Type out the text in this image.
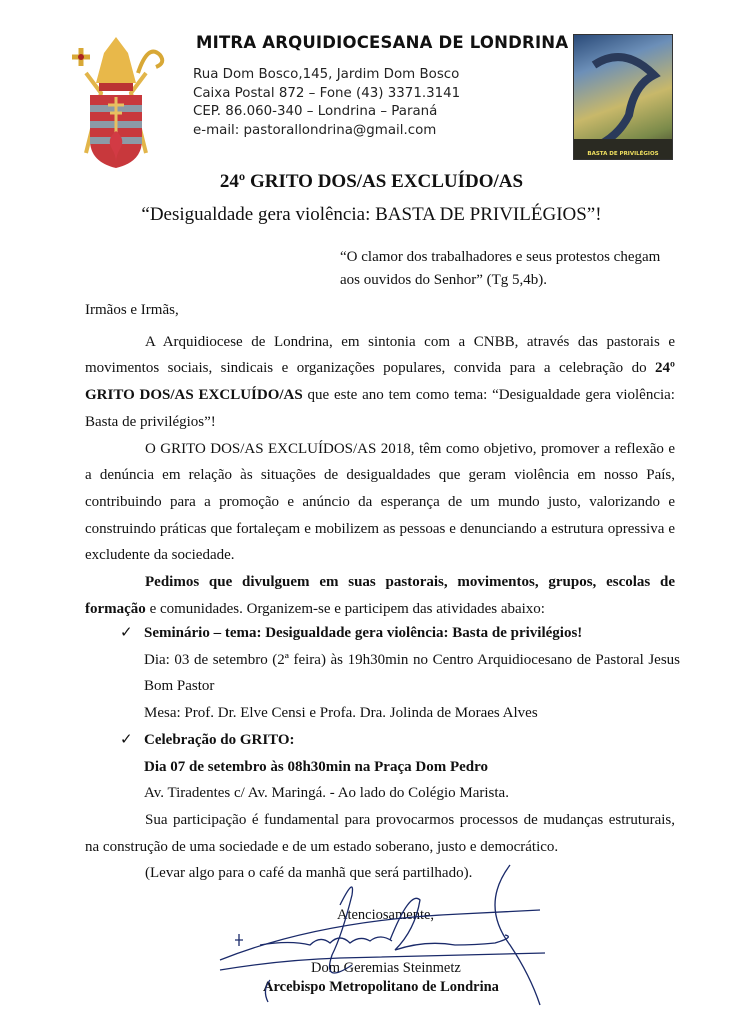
MITRA ARQUIDIOCESANA DE LONDRINA
Rua Dom Bosco,145, Jardim Dom Bosco
Caixa Postal 872 – Fone (43) 3371.3141
CEP. 86.060-340 – Londrina – Paraná
e-mail: pastorallondrina@gmail.com
BASTA DE PRIVILÉGIOS
24º GRITO DOS/AS EXCLUÍDO/AS
“Desigualdade gera violência: BASTA DE PRIVILÉGIOS”!
“O clamor dos trabalhadores e seus protestos chegam aos ouvidos do Senhor” (Tg 5,4b).

Irmãos e Irmãs,

A Arquidiocese de Londrina, em sintonia com a CNBB, através das pastorais e movimentos sociais, sindicais e organizações populares, convida para a celebração do 24º GRITO DOS/AS EXCLUÍDO/AS que este ano tem como tema: “Desigualdade gera violência: Basta de privilégios”!

O GRITO DOS/AS EXCLUÍDOS/AS 2018, têm como objetivo, promover a reflexão e a denúncia em relação às situações de desigualdades que geram violência em nosso País, contribuindo para a promoção e anúncio da esperança de um mundo justo, valorizando e construindo práticas que fortaleçam e mobilizem as pessoas e denunciando a estrutura opressiva e excludente da sociedade.

Pedimos que divulguem em suas pastorais, movimentos, grupos, escolas de formação e comunidades. Organizem-se e participem das atividades abaixo:

✓ Seminário – tema: Desigualdade gera violência: Basta de privilégios!
Dia: 03 de setembro (2ª feira) às 19h30min no Centro Arquidiocesano de Pastoral Jesus Bom Pastor
Mesa: Prof. Dr. Elve Censi e Profa. Dra. Jolinda de Moraes Alves
✓ Celebração do GRITO:
Dia 07 de setembro às 08h30min na Praça Dom Pedro
Av. Tiradentes c/ Av. Maringá. - Ao lado do Colégio Marista.

Sua participação é fundamental para provocarmos processos de mudanças estruturais, na construção de uma sociedade e de um estado soberano, justo e democrático.

(Levar algo para o café da manhã que será partilhado).

Atenciosamente,
Dom Geremias Steinmetz
Arcebispo Metropolitano de Londrina
